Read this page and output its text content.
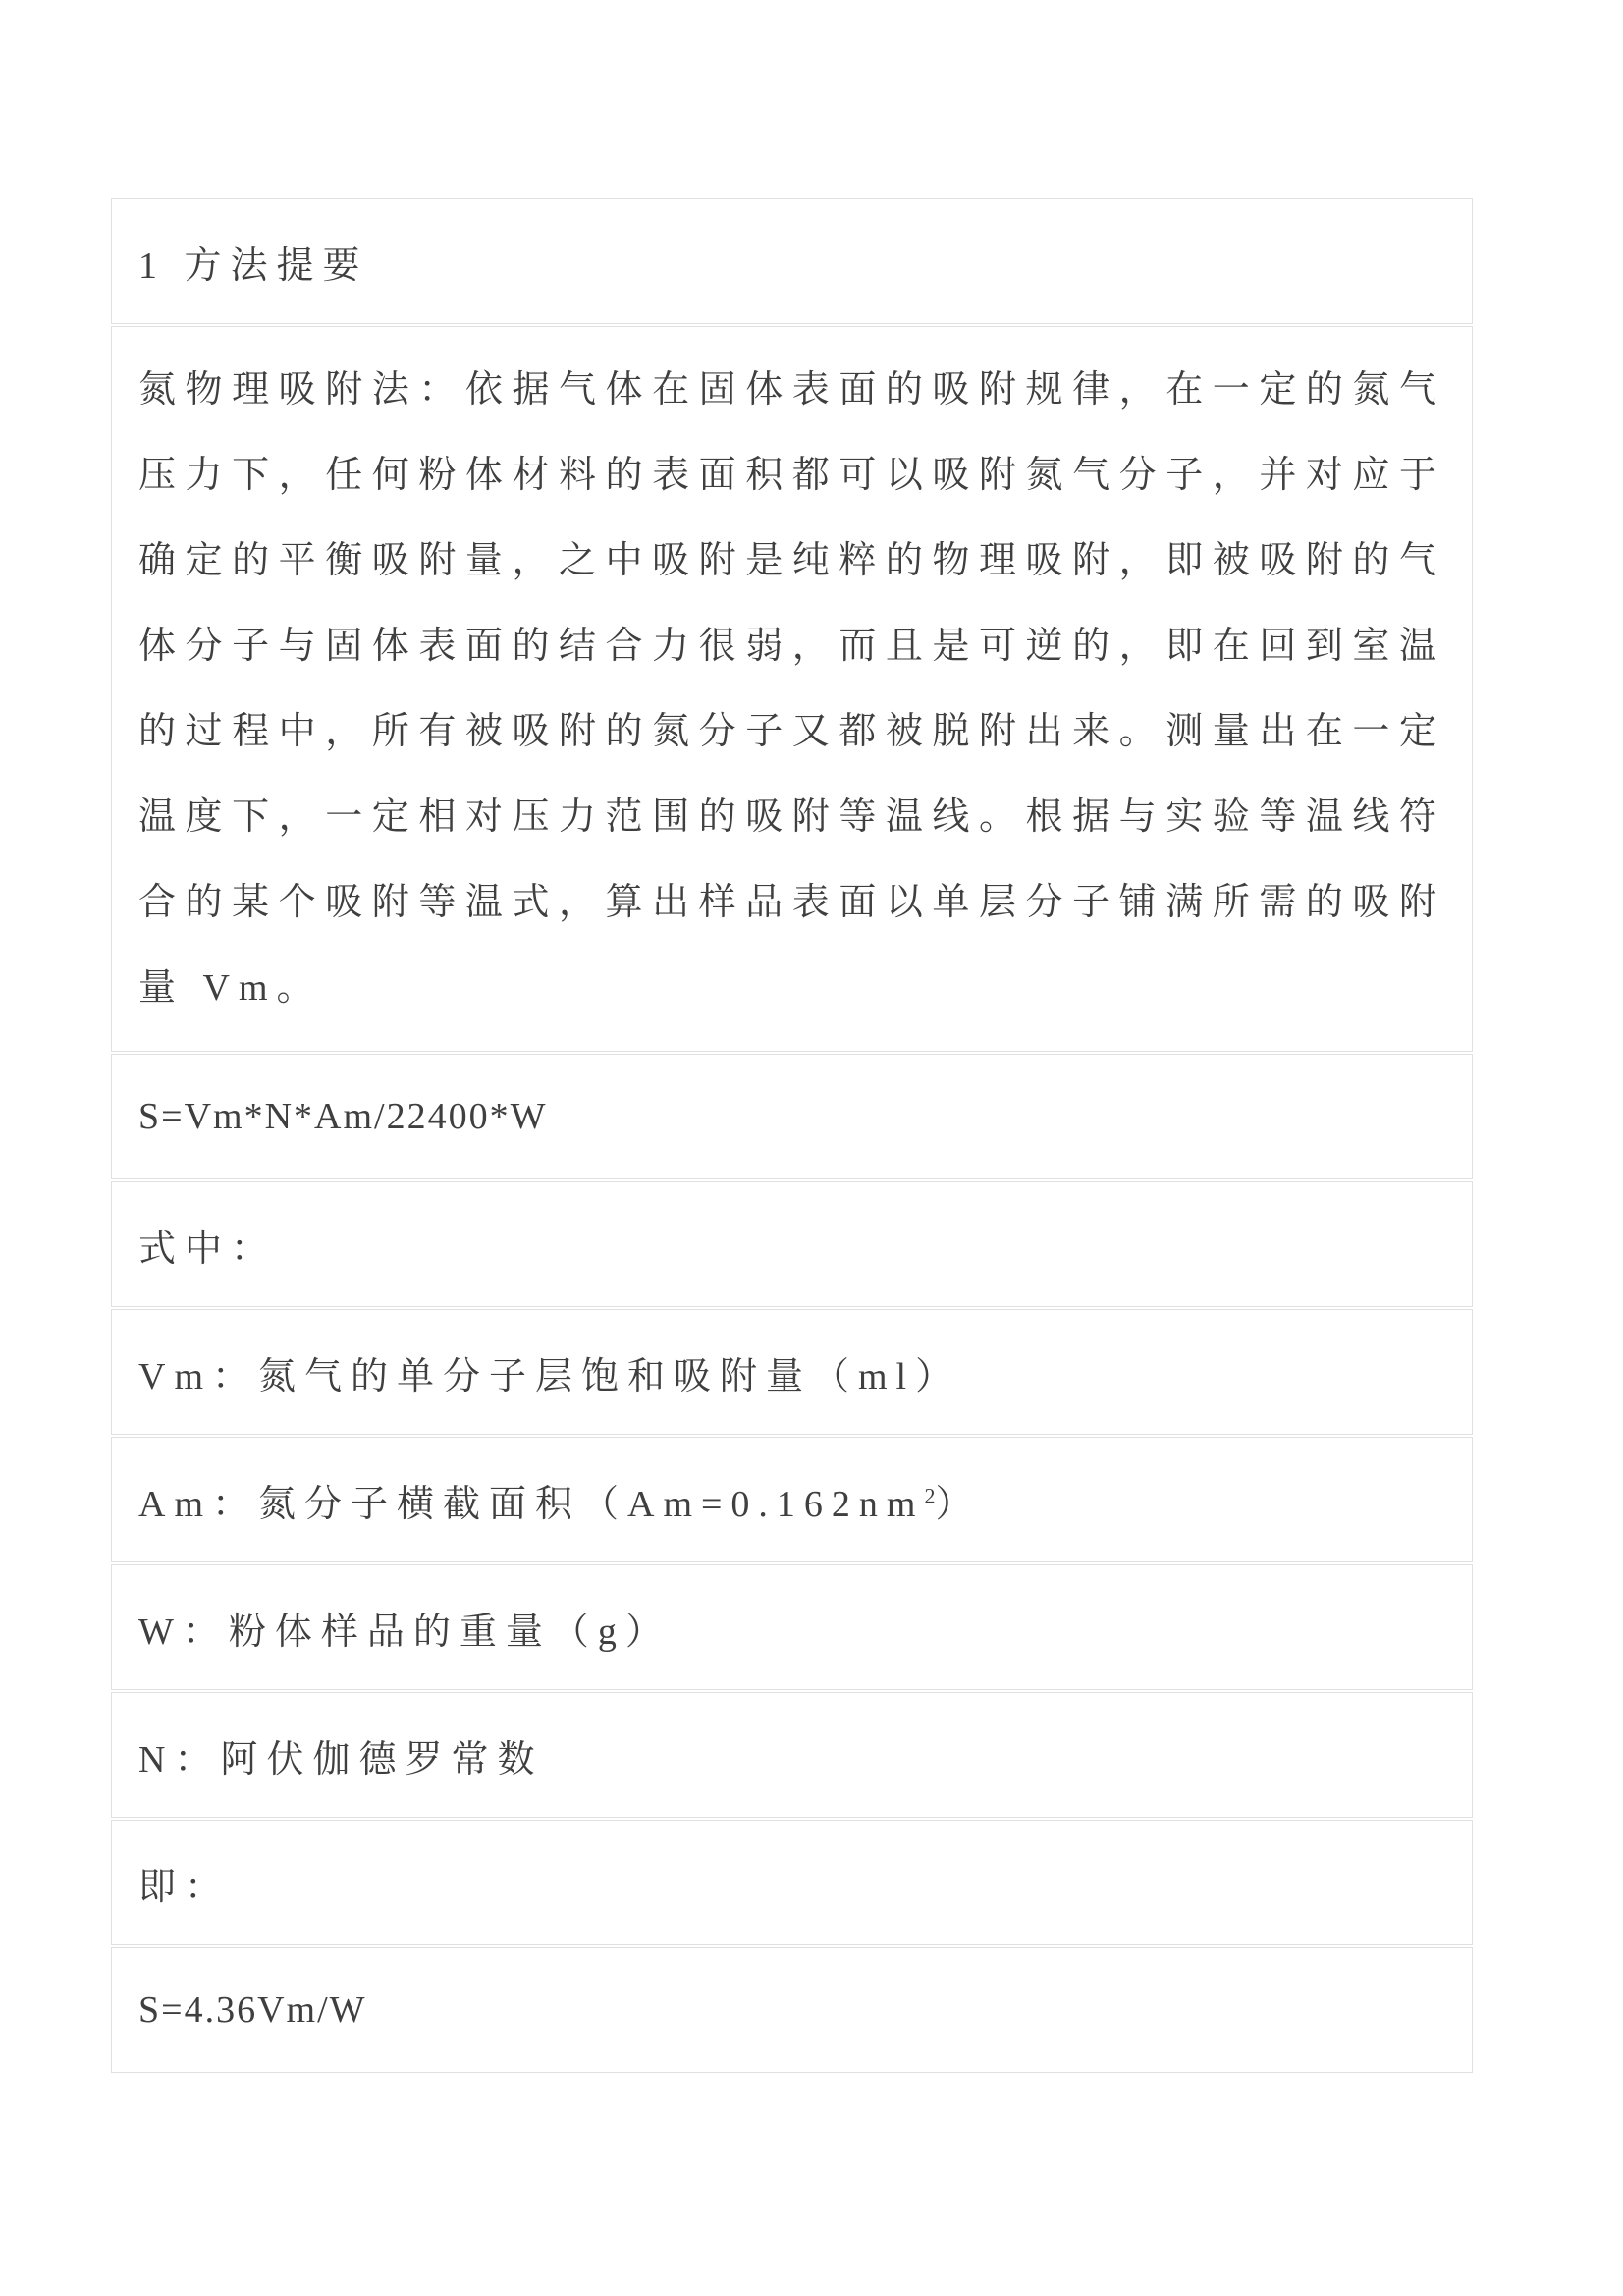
1 方法提要
氮物理吸附法：依据气体在固体表面的吸附规律，在一定的氮气压力下，任何粉体材料的表面积都可以吸附氮气分子，并对应于确定的平衡吸附量，之中吸附是纯粹的物理吸附，即被吸附的气体分子与固体表面的结合力很弱，而且是可逆的，即在回到室温的过程中，所有被吸附的氮分子又都被脱附出来。测量出在一定温度下，一定相对压力范围的吸附等温线。根据与实验等温线符合的某个吸附等温式，算出样品表面以单层分子铺满所需的吸附量 Vm。
S=Vm*N*Am/22400*W
式中：
Vm：氮气的单分子层饱和吸附量（ml）
Am：氮分子横截面积$(Am=0.162nm^2)$
W：粉体样品的重量（g）
N：阿伏伽德罗常数
即：
S=4.36Vm/W
